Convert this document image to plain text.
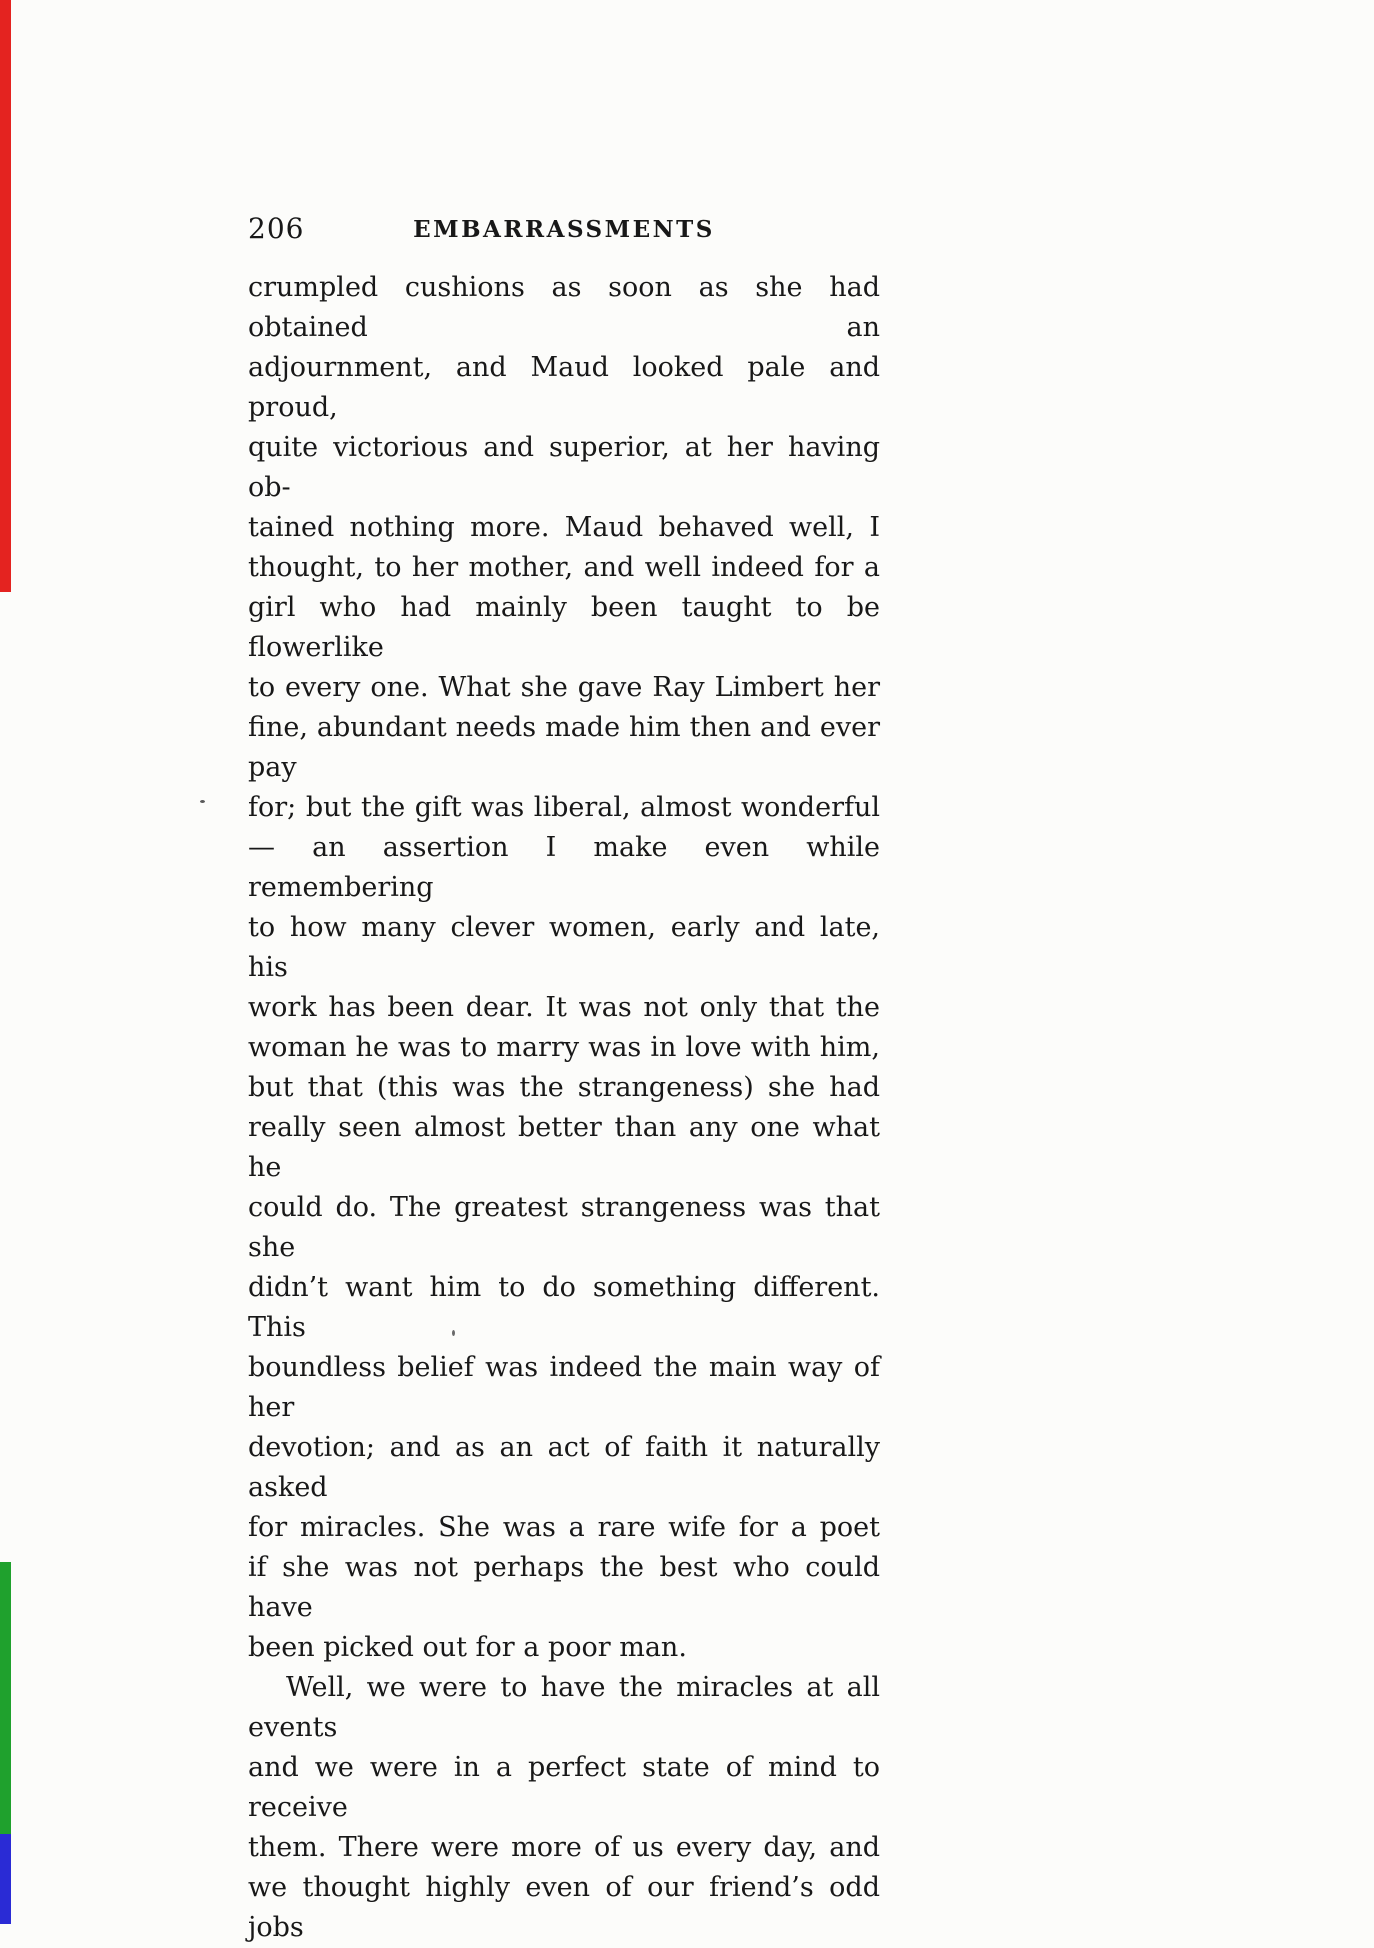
206	EMBARRASSMENTS
crumpled cushions as soon as she had obtained an
adjournment, and Maud looked pale and proud,
quite victorious and superior, at her having ob-
tained nothing more. Maud behaved well, I
thought, to her mother, and well indeed for a
girl who had mainly been taught to be flowerlike
to every one. What she gave Ray Limbert her
fine, abundant needs made him then and ever pay
for; but the gift was liberal, almost wonderful
— an assertion I make even while remembering
to how many clever women, early and late, his
work has been dear. It was not only that the
woman he was to marry was in love with him,
but that (this was the strangeness) she had
really seen almost better than any one what he
could do. The greatest strangeness was that she
didn’t want him to do something different. This
boundless belief was indeed the main way of her
devotion; and as an act of faith it naturally asked
for miracles. She was a rare wife for a poet
if she was not perhaps the best who could have
been picked out for a poor man.
Well, we were to have the miracles at all events
and we were in a perfect state of mind to receive
them. There were more of us every day, and
we thought highly even of our friend’s odd jobs
